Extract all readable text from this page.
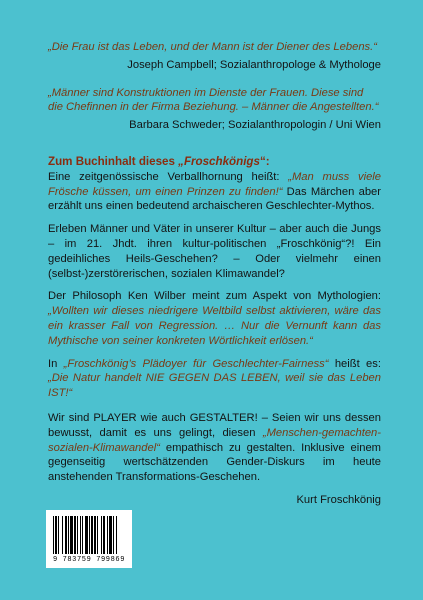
„Die Frau ist das Leben, und der Mann ist der Diener des Lebens.“

Joseph Campbell; Sozialanthropologe & Mythologe

„Männer sind Konstruktionen im Dienste der Frauen. Diese sind

die Chefinnen in der Firma Beziehung. – Männer die Angestellten.“

Barbara Schweder; Sozialanthropologin / Uni Wien

Zum Buchinhalt dieses „Froschkönigs“:

Eine zeitgenössische Verballhornung heißt: „Man muss viele Frösche küssen, um einen Prinzen zu finden!“ Das Märchen aber erzählt uns einen bedeutend archaischeren Geschlechter-Mythos.

Erleben Männer und Väter in unserer Kultur – aber auch die Jungs – im 21. Jhdt. ihren kultur-politischen „Froschkönig“?! Ein gedeihliches Heils-Geschehen? – Oder vielmehr einen (selbst-)zerstörerischen, sozialen Klimawandel?

Der Philosoph Ken Wilber meint zum Aspekt von Mythologien: „Wollten wir dieses niedrigere Weltbild selbst aktivieren, wäre das ein krasser Fall von Regression. … Nur die Vernunft kann das Mythische von seiner konkreten Wörtlichkeit erlösen.“

In „Froschkönig’s Plädoyer für Geschlechter-Fairness“ heißt es: „Die Natur handelt NIE GEGEN DAS LEBEN, weil sie das Leben IST!“

Wir sind PLAYER wie auch GESTALTER! – Seien wir uns dessen bewusst, damit es uns gelingt, diesen „Menschen-gemachten-sozialen-Klimawandel“ empathisch zu gestalten. Inklusive einem gegenseitig wertschätzenden Gender-Diskurs im heute anstehenden Transformations-Geschehen.

Kurt Froschkönig

9 783759 799869
